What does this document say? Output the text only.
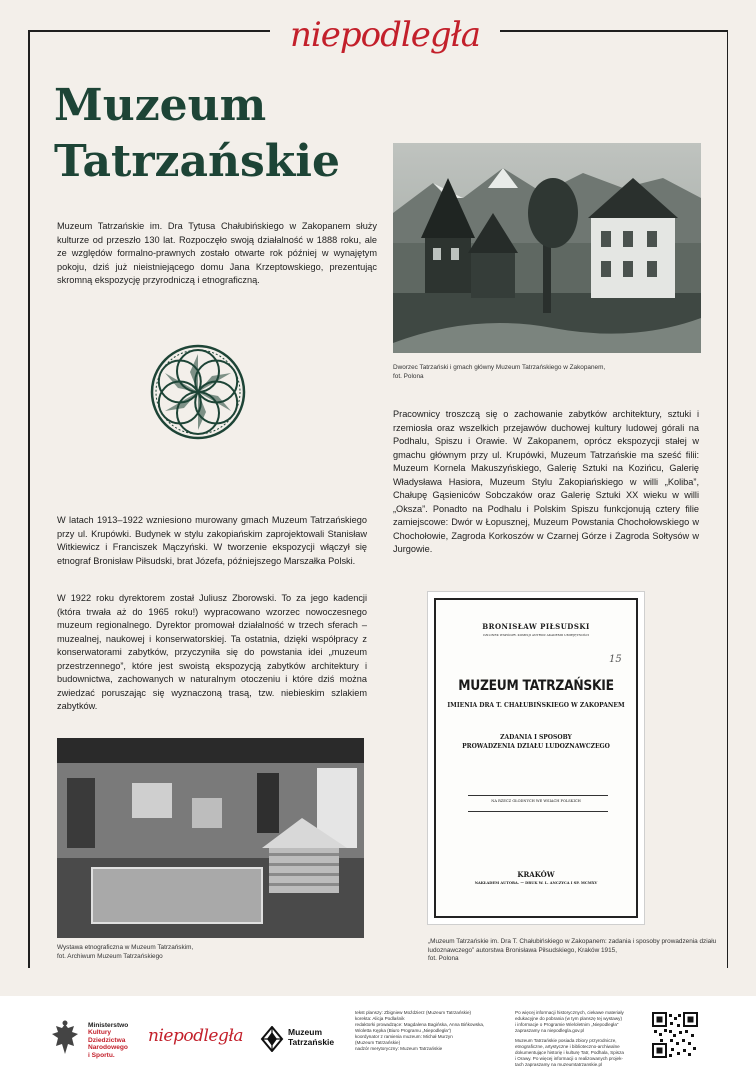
niepodległa
Muzeum
Tatrzańskie

Muzeum Tatrzańskie im. Dra Tytusa Chałubińskiego w Zakopanem służy kulturze od przeszło 130 lat. Rozpoczęło swoją działalność w 1888 roku, ale ze względów formalno-prawnych zostało otwarte rok później w wynajętym pokoju, dziś już nieistniejącego domu Jana Krzeptowskiego, prezentując skromną ekspozycję przyrodniczą i etnograficzną.

Dworzec Tatrzański i gmach główny Muzeum Tatrzańskiego w Zakopanem,
fot. Polona

Pracownicy troszczą się o zachowanie zabytków architektury, sztuki i rzemiosła oraz wszelkich przejawów duchowej kultury ludowej górali na Podhalu, Spiszu i Orawie. W Zakopanem, oprócz ekspozycji stałej w gmachu głównym przy ul. Krupówki, Muzeum Tatrzańskie ma sześć filii: Muzeum Kornela Makuszyńskiego, Galerię Sztuki na Kozińcu, Galerię Władysława Hasiora, Muzeum Stylu Zakopiańskiego w willi „Koliba”, Chałupę Gąsieniców Sobczaków oraz Galerię Sztuki XX wieku w willi „Oksza”. Ponadto na Podhalu i Polskim Spiszu funkcjonują cztery filie zamiejscowe: Dwór w Łopusznej, Muzeum Powstania Chochołowskiego w Chochołowie, Zagroda Korkoszów w Czarnej Górze i Zagroda Sołtysów w Jurgowie.

W latach 1913–1922 wzniesiono murowany gmach Muzeum Tatrzańskiego przy ul. Krupówki. Budynek w stylu zakopiańskim zaprojektowali Stanisław Witkiewicz i Franciszek Mączyński. W tworzenie ekspozycji włączył się etnograf Bronisław Piłsudski, brat Józefa, późniejszego Marszałka Polski.

W 1922 roku dyrektorem został Juliusz Zborowski. To za jego kadencji (która trwała aż do 1965 roku!) wypracowano wzorzec nowoczesnego muzeum regionalnego. Dyrektor promował działalność w trzech sferach – muzealnej, naukowej i konserwatorskiej. Ta ostatnia, dzięki współpracy z konserwatorami zabytków, przyczyniła się do powstania idei „muzeum przestrzennego”, które jest swoistą ekspozycją zabytków architektury i budownictwa, zachowanych w naturalnym otoczeniu i które dziś można zwiedzać poruszając się wyznaczoną trasą, tzw. niebieskim szlakiem zabytków.

Wystawa etnograficzna w Muzeum Tatrzańskim,
fot. Archiwum Muzeum Tatrzańskiego

BRONISŁAW PIŁSUDSKI
CZŁONEK WSPÓŁPR. KOMISJI ANTROP. AKADEMII UMIEJĘTNOŚCI
15
MUZEUM TATRZAŃSKIE
IMIENIA DRA T. CHAŁUBIŃSKIEGO W ZAKOPANEM
ZADANIA I SPOSOBY
PROWADZENIA DZIAŁU LUDOZNAWCZEGO
NA RZECZ GŁODNYCH WE WSIACH POLSKICH
KRAKÓW
NAKŁADEM AUTORA. — DRUK W. L. ANCZYCA I SP. MCMXV

„Muzeum Tatrzańskie im. Dra T. Chałubińskiego w Zakopanem: zadania i sposoby prowadzenia działu ludoznawczego” autorstwa Bronisława Piłsudskiego, Kraków 1915,
fot. Polona

Ministerstwo
Kultury
Dziedzictwa
Narodowego
i Sportu.
niepodległa	Muzeum
Tatrzańskie

tekst planszy: Zbigniew Moździerz (Muzeum Tatrzańskie)

korekta: Alicja Podlaśnik

redaktorki prowadzące: Magdalena Bagińska, Anna Bińkowska,

Wioletta Kępka (Biuro Programu „Niepodległa”)

koordynator z ramienia muzeum: Michał Murzyn

(Muzeum Tatrzańskie)

nadzór merytoryczny: Muzeum Tatrzańskie

Po więcej informacji historycznych, ciekawe materiały

edukacyjne do pobrania (w tym planszę tej wystawy)

i informacje o Programie Wieloletnim „Niepodległa”

zapraszamy na niepodlegla.gov.pl

Muzeum Tatrzańskie posiada zbiory przyrodnicze,

etnograficzne, artystyczne i biblioteczno-archiwalne

dokumentujące historię i kulturę Tatr, Podhala, Spisza

i Orawy. Po więcej informacji o realizowanych projek-

tach zapraszamy na muzeumtatrzanskie.pl
